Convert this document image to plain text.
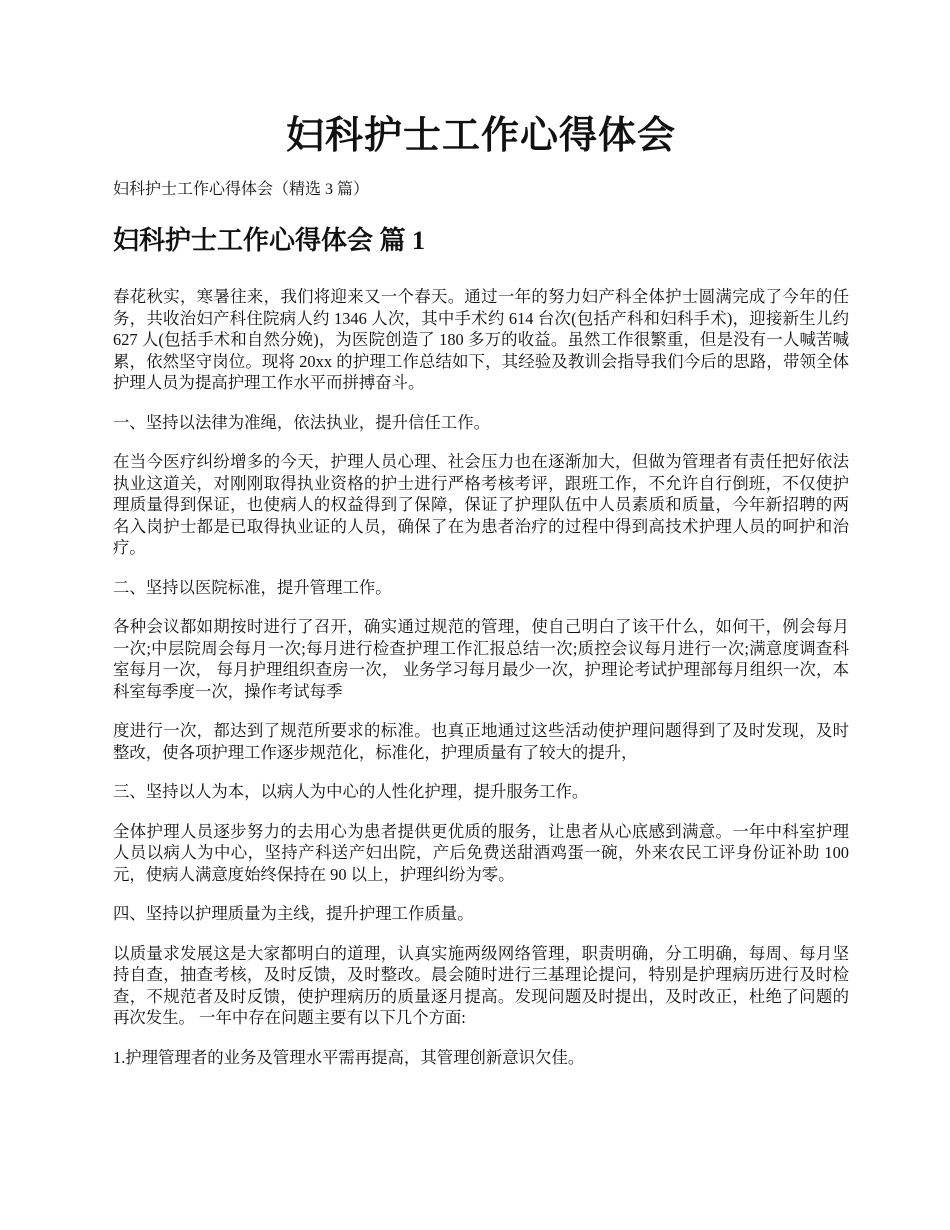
妇科护士工作心得体会

妇科护士工作心得体会（精选 3 篇）

妇科护士工作心得体会 篇 1

春花秋实，寒暑往来，我们将迎来又一个春天。通过一年的努力妇产科全体护士圆满完成了今年的任务，共收治妇产科住院病人约 1346 人次，其中手术约 614 台次(包括产科和妇科手术)，迎接新生儿约 627 人(包括手术和自然分娩)，为医院创造了 180 多万的收益。虽然工作很繁重，但是没有一人喊苦喊累，依然坚守岗位。现将 20xx 的护理工作总结如下，其经验及教训会指导我们今后的思路，带领全体护理人员为提高护理工作水平而拼搏奋斗。

一、坚持以法律为准绳，依法执业，提升信任工作。

在当今医疗纠纷增多的今天，护理人员心理、社会压力也在逐渐加大，但做为管理者有责任把好依法执业这道关，对刚刚取得执业资格的护士进行严格考核考评，跟班工作，不允许自行倒班，不仅使护理质量得到保证，也使病人的权益得到了保障，保证了护理队伍中人员素质和质量，今年新招聘的两名入岗护士都是已取得执业证的人员，确保了在为患者治疗的过程中得到高技术护理人员的呵护和治疗。

二、坚持以医院标准，提升管理工作。

各种会议都如期按时进行了召开，确实通过规范的管理，使自己明白了该干什么，如何干，例会每月一次;中层院周会每月一次;每月进行检查护理工作汇报总结一次;质控会议每月进行一次;满意度调查科室每月一次， 每月护理组织查房一次， 业务学习每月最少一次，护理论考试护理部每月组织一次，本科室每季度一次，操作考试每季

度进行一次，都达到了规范所要求的标准。也真正地通过这些活动使护理问题得到了及时发现，及时整改，使各项护理工作逐步规范化，标准化，护理质量有了较大的提升，

三、坚持以人为本，以病人为中心的人性化护理，提升服务工作。

全体护理人员逐步努力的去用心为患者提供更优质的服务，让患者从心底感到满意。一年中科室护理人员以病人为中心，坚持产科送产妇出院，产后免费送甜酒鸡蛋一碗，外来农民工评身份证补助 100 元，使病人满意度始终保持在 90 以上，护理纠纷为零。

四、坚持以护理质量为主线，提升护理工作质量。

以质量求发展这是大家都明白的道理，认真实施两级网络管理，职责明确，分工明确，每周、每月坚持自查，抽查考核，及时反馈，及时整改。晨会随时进行三基理论提问，特别是护理病历进行及时检查，不规范者及时反馈，使护理病历的质量逐月提高。发现问题及时提出，及时改正，杜绝了问题的再次发生。 一年中存在问题主要有以下几个方面:

1.护理管理者的业务及管理水平需再提高，其管理创新意识欠佳。
